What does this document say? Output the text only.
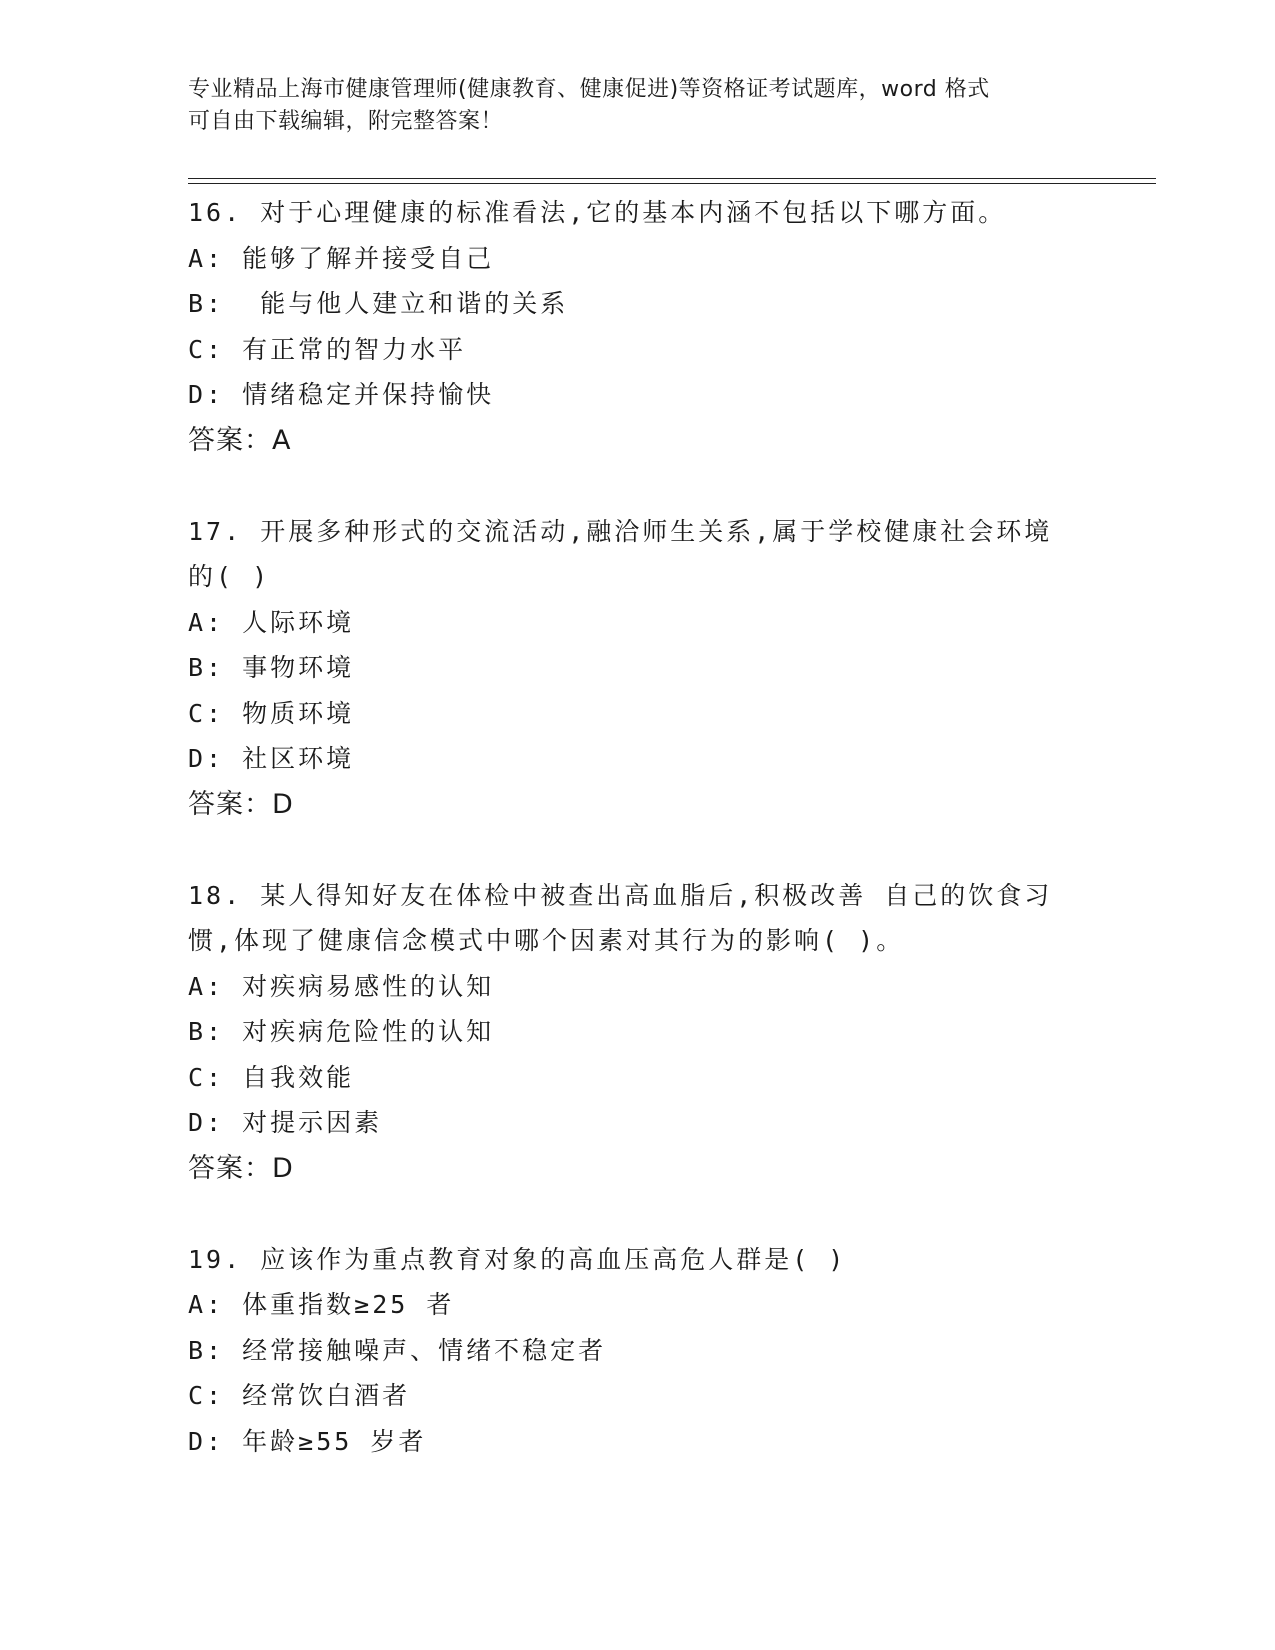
专业精品上海市健康管理师(健康教育、健康促进)等资格证考试题库，word 格式
可自由下载编辑，附完整答案！
16. 对于心理健康的标准看法,它的基本内涵不包括以下哪方面。
A: 能够了解并接受自己
B:  能与他人建立和谐的关系
C: 有正常的智力水平
D: 情绪稳定并保持愉快
答案：A
17. 开展多种形式的交流活动,融洽师生关系,属于学校健康社会环境
的( )
A: 人际环境
B: 事物环境
C: 物质环境
D: 社区环境
答案：D
18. 某人得知好友在体检中被查出高血脂后,积极改善 自己的饮食习
惯,体现了健康信念模式中哪个因素对其行为的影响( )。
A: 对疾病易感性的认知
B: 对疾病危险性的认知
C: 自我效能
D: 对提示因素
答案：D
19. 应该作为重点教育对象的高血压高危人群是( )
A: 体重指数≥25 者
B: 经常接触噪声、情绪不稳定者
C: 经常饮白酒者
D: 年龄≥55 岁者
